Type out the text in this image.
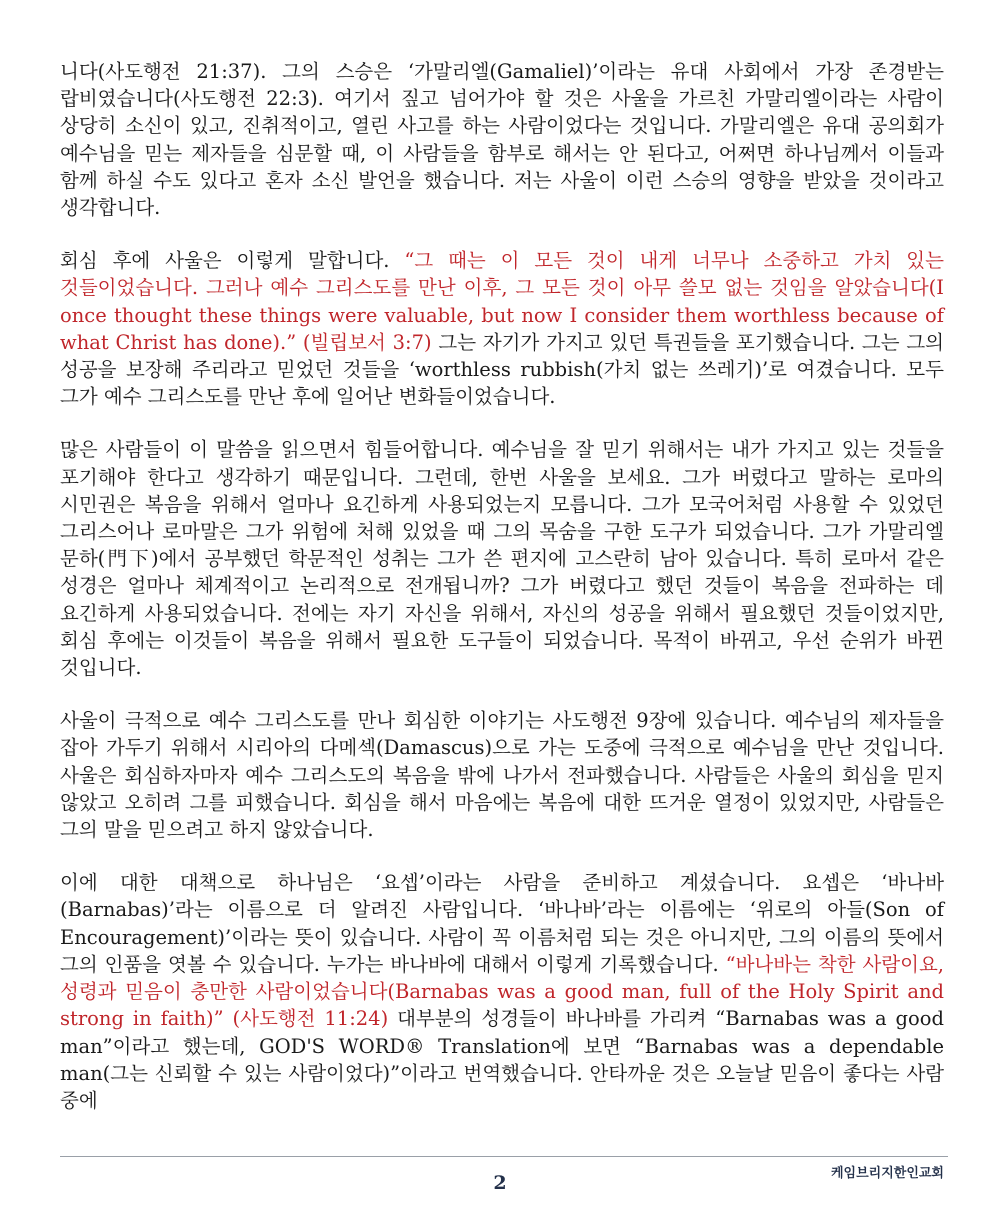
니다(사도행전 21:37). 그의 스승은 ‘가말리엘(Gamaliel)’이라는 유대 사회에서 가장 존경받는 랍비였습니다(사도행전 22:3). 여기서 짚고 넘어가야 할 것은 사울을 가르친 가말리엘이라는 사람이 상당히 소신이 있고, 진취적이고, 열린 사고를 하는 사람이었다는 것입니다. 가말리엘은 유대 공의회가 예수님을 믿는 제자들을 심문할 때, 이 사람들을 함부로 해서는 안 된다고, 어쩌면 하나님께서 이들과 함께 하실 수도 있다고 혼자 소신 발언을 했습니다. 저는 사울이 이런 스승의 영향을 받았을 것이라고 생각합니다.

회심 후에 사울은 이렇게 말합니다. “그 때는 이 모든 것이 내게 너무나 소중하고 가치 있는 것들이었습니다. 그러나 예수 그리스도를 만난 이후, 그 모든 것이 아무 쓸모 없는 것임을 알았습니다(I once thought these things were valuable, but now I consider them worthless because of what Christ has done).” (빌립보서 3:7) 그는 자기가 가지고 있던 특권들을 포기했습니다. 그는 그의 성공을 보장해 주리라고 믿었던 것들을 ‘worthless rubbish(가치 없는 쓰레기)’로 여겼습니다. 모두 그가 예수 그리스도를 만난 후에 일어난 변화들이었습니다.

많은 사람들이 이 말씀을 읽으면서 힘들어합니다. 예수님을 잘 믿기 위해서는 내가 가지고 있는 것들을 포기해야 한다고 생각하기 때문입니다. 그런데, 한번 사울을 보세요. 그가 버렸다고 말하는 로마의 시민권은 복음을 위해서 얼마나 요긴하게 사용되었는지 모릅니다. 그가 모국어처럼 사용할 수 있었던 그리스어나 로마말은 그가 위험에 처해 있었을 때 그의 목숨을 구한 도구가 되었습니다. 그가 가말리엘 문하(門下)에서 공부했던 학문적인 성취는 그가 쓴 편지에 고스란히 남아 있습니다. 특히 로마서 같은 성경은 얼마나 체계적이고 논리적으로 전개됩니까? 그가 버렸다고 했던 것들이 복음을 전파하는 데 요긴하게 사용되었습니다. 전에는 자기 자신을 위해서, 자신의 성공을 위해서 필요했던 것들이었지만, 회심 후에는 이것들이 복음을 위해서 필요한 도구들이 되었습니다. 목적이 바뀌고, 우선 순위가 바뀐 것입니다.

사울이 극적으로 예수 그리스도를 만나 회심한 이야기는 사도행전 9장에 있습니다. 예수님의 제자들을 잡아 가두기 위해서 시리아의 다메섹(Damascus)으로 가는 도중에 극적으로 예수님을 만난 것입니다. 사울은 회심하자마자 예수 그리스도의 복음을 밖에 나가서 전파했습니다. 사람들은 사울의 회심을 믿지 않았고 오히려 그를 피했습니다. 회심을 해서 마음에는 복음에 대한 뜨거운 열정이 있었지만, 사람들은 그의 말을 믿으려고 하지 않았습니다.

이에 대한 대책으로 하나님은 ‘요셉’이라는 사람을 준비하고 계셨습니다. 요셉은 ‘바나바(Barnabas)’라는 이름으로 더 알려진 사람입니다. ‘바나바’라는 이름에는 ‘위로의 아들(Son of Encouragement)’이라는 뜻이 있습니다. 사람이 꼭 이름처럼 되는 것은 아니지만, 그의 이름의 뜻에서 그의 인품을 엿볼 수 있습니다. 누가는 바나바에 대해서 이렇게 기록했습니다. “바나바는 착한 사람이요, 성령과 믿음이 충만한 사람이었습니다(Barnabas was a good man, full of the Holy Spirit and strong in faith)” (사도행전 11:24) 대부분의 성경들이 바나바를 가리켜 “Barnabas was a good man”이라고 했는데, GOD'S WORD® Translation에 보면 “Barnabas was a dependable man(그는 신뢰할 수 있는 사람이었다)”이라고 번역했습니다. 안타까운 것은 오늘날 믿음이 좋다는 사람 중에

2	케임브리지한인교회
